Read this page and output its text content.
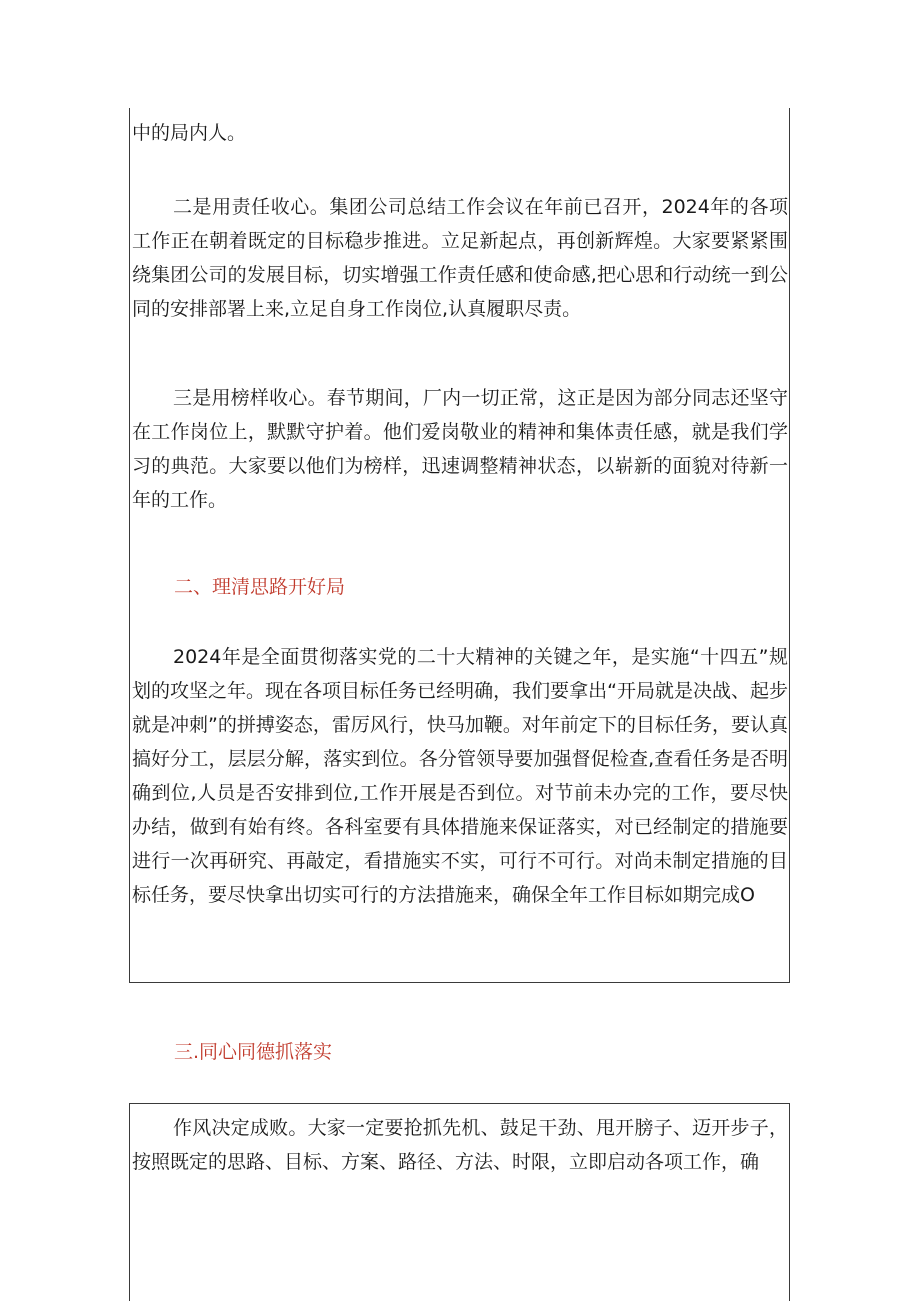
中的局内人。
二是用责任收心。集团公司总结工作会议在年前已召开，2024年的各项工作正在朝着既定的目标稳步推进。立足新起点，再创新辉煌。大家要紧紧围绕集团公司的发展目标，切实增强工作责任感和使命感,把心思和行动统一到公同的安排部署上来,立足自身工作岗位,认真履职尽责。
三是用榜样收心。春节期间，厂内一切正常，这正是因为部分同志还坚守在工作岗位上，默默守护着。他们爱岗敬业的精神和集体责任感，就是我们学习的典范。大家要以他们为榜样，迅速调整精神状态，以崭新的面貌对待新一年的工作。
二、理清思路开好局
2024年是全面贯彻落实党的二十大精神的关键之年，是实施“十四五”规划的攻坚之年。现在各项目标任务已经明确，我们要拿出“开局就是决战、起步就是冲刺”的拼搏姿态，雷厉风行，快马加鞭。对年前定下的目标任务，要认真搞好分工，层层分解，落实到位。各分管领导要加强督促检查,查看任务是否明确到位,人员是否安排到位,工作开展是否到位。对节前未办完的工作，要尽快办结，做到有始有终。各科室要有具体措施来保证落实，对已经制定的措施要进行一次再研究、再敲定，看措施实不实，可行不可行。对尚未制定措施的目标任务，要尽快拿出切实可行的方法措施来，确保全年工作目标如期完成O
三.同心同德抓落实
作风决定成败。大家一定要抢抓先机、鼓足干劲、甩开膀子、迈开步子，按照既定的思路、目标、方案、路径、方法、时限，立即启动各项工作，确
